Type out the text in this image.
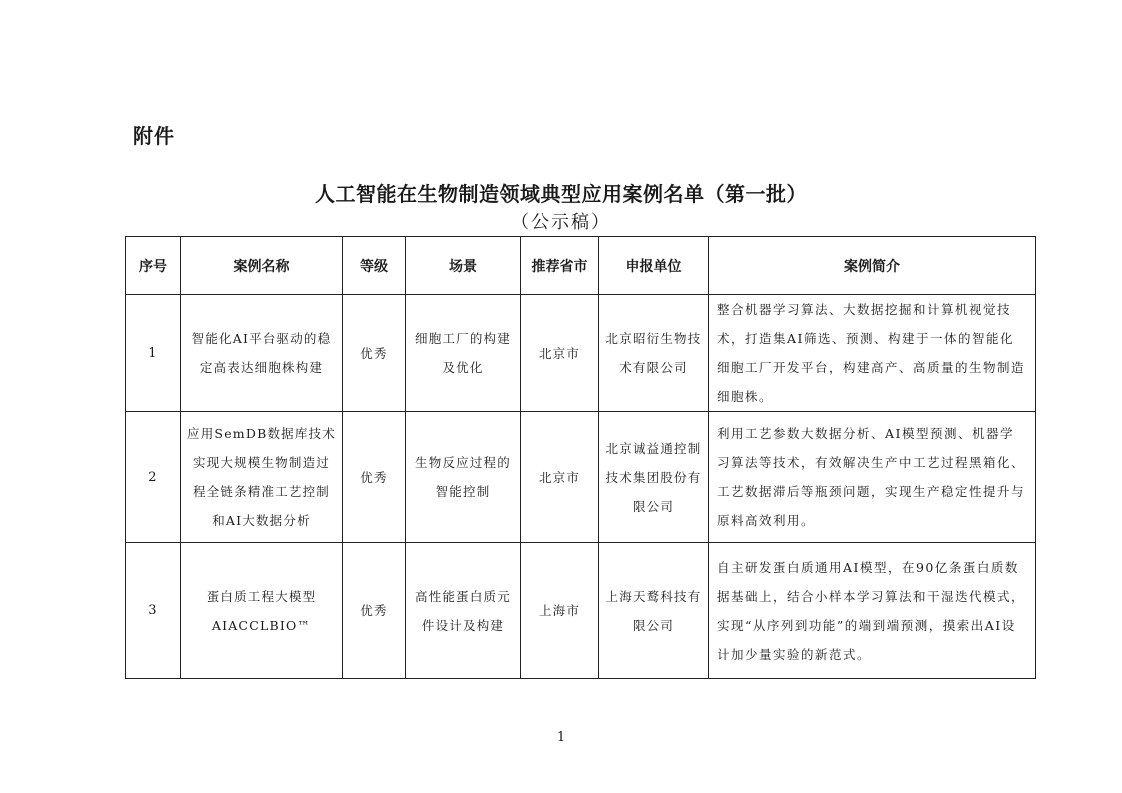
附件
人工智能在生物制造领域典型应用案例名单（第一批）
（公示稿）
序号	案例名称	等级	场景	推荐省市	申报单位	案例简介
1	智能化AI平台驱动的稳定高表达细胞株构建	优秀	细胞工厂的构建及优化	北京市	北京昭衍生物技术有限公司	整合机器学习算法、大数据挖掘和计算机视觉技术，打造集AI筛选、预测、构建于一体的智能化细胞工厂开发平台，构建高产、高质量的生物制造细胞株。
2	应用SemDB数据库技术实现大规模生物制造过程全链条精准工艺控制和AI大数据分析	优秀	生物反应过程的智能控制	北京市	北京诚益通控制技术集团股份有限公司	利用工艺参数大数据分析、AI模型预测、机器学习算法等技术，有效解决生产中工艺过程黑箱化、工艺数据滞后等瓶颈问题，实现生产稳定性提升与原料高效利用。
3	蛋白质工程大模型AIACCLBIO™	优秀	高性能蛋白质元件设计及构建	上海市	上海天鹜科技有限公司	自主研发蛋白质通用AI模型，在90亿条蛋白质数据基础上，结合小样本学习算法和干湿迭代模式，实现“从序列到功能”的端到端预测，摸索出AI设计加少量实验的新范式。
1
